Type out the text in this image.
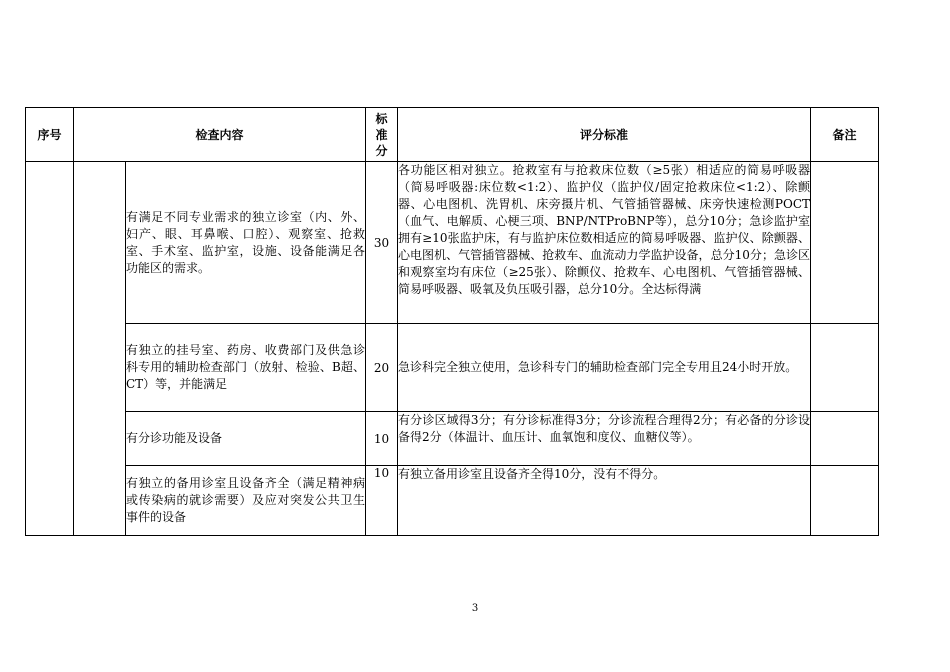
序号	检查内容		标
准
分	评分标准	备注

		有满足不同专业需求的独立诊室（内、外、妇产、眼、耳鼻喉、口腔）、观察室、抢救室、手术室、监护室，设施、设备能满足各功能区的需求。	30	各功能区相对独立。抢救室有与抢救床位数（≥5张）相适应的简易呼吸器（简易呼吸器:床位数<1:2）、监护仪（监护仪/固定抢救床位<1:2）、除颤器、心电图机、洗胃机、床旁摄片机、气管插管器械、床旁快速检测POCT（血气、电解质、心梗三项、BNP/NTProBNP等），总分10分；急诊监护室拥有≥10张监护床，有与监护床位数相适应的简易呼吸器、监护仪、除颤器、心电图机、气管插管器械、抢救车、血流动力学监护设备，总分10分；急诊区和观察室均有床位（≥25张）、除颤仪、抢救车、心电图机、气管插管器械、简易呼吸器、吸氧及负压吸引器，总分10分。全达标得满	

		有独立的挂号室、药房、收费部门及供急诊科专用的辅助检查部门（放射、检验、B超、CT）等，并能满足	20	急诊科完全独立使用，急诊科专门的辅助检查部门完全专用且24小时开放。	

		有分诊功能及设备	10	有分诊区域得3分；有分诊标准得3分；分诊流程合理得2分；有必备的分诊设备得2分（体温计、血压计、血氧饱和度仪、血糖仪等）。	

		有独立的备用诊室且设备齐全（满足精神病或传染病的就诊需要）及应对突发公共卫生事件的设备	10	有独立备用诊室且设备齐全得10分，没有不得分。	

3
